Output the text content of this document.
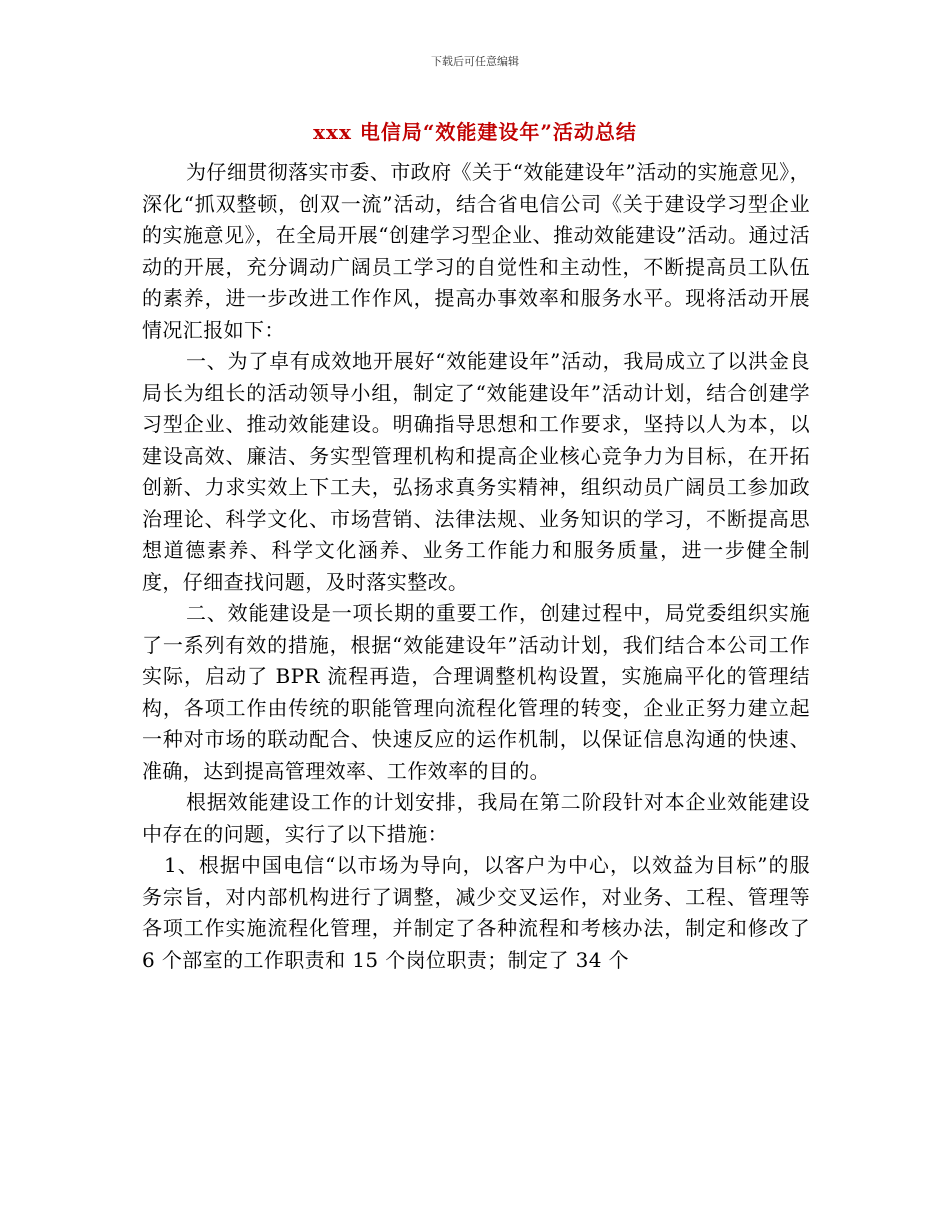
下载后可任意编辑
xxx 电信局“效能建设年”活动总结

为仔细贯彻落实市委、市政府《关于“效能建设年”活动的实施意见》，深化“抓双整顿，创双一流”活动，结合省电信公司《关于建设学习型企业的实施意见》，在全局开展“创建学习型企业、推动效能建设”活动。通过活动的开展，充分调动广阔员工学习的自觉性和主动性，不断提高员工队伍的素养，进一步改进工作作风，提高办事效率和服务水平。现将活动开展情况汇报如下：

一、为了卓有成效地开展好“效能建设年”活动，我局成立了以洪金良局长为组长的活动领导小组，制定了“效能建设年”活动计划，结合创建学习型企业、推动效能建设。明确指导思想和工作要求，坚持以人为本，以建设高效、廉洁、务实型管理机构和提高企业核心竞争力为目标，在开拓创新、力求实效上下工夫，弘扬求真务实精神，组织动员广阔员工参加政治理论、科学文化、市场营销、法律法规、业务知识的学习，不断提高思想道德素养、科学文化涵养、业务工作能力和服务质量，进一步健全制度，仔细查找问题，及时落实整改。

二、效能建设是一项长期的重要工作，创建过程中，局党委组织实施了一系列有效的措施，根据“效能建设年”活动计划，我们结合本公司工作实际，启动了 BPR 流程再造，合理调整机构设置，实施扁平化的管理结构，各项工作由传统的职能管理向流程化管理的转变，企业正努力建立起一种对市场的联动配合、快速反应的运作机制，以保证信息沟通的快速、准确，达到提高管理效率、工作效率的目的。

根据效能建设工作的计划安排，我局在第二阶段针对本企业效能建设中存在的问题，实行了以下措施：

1、根据中国电信“以市场为导向，以客户为中心，以效益为目标”的服务宗旨，对内部机构进行了调整，减少交叉运作，对业务、工程、管理等各项工作实施流程化管理，并制定了各种流程和考核办法，制定和修改了 6 个部室的工作职责和 15 个岗位职责；制定了 34 个
